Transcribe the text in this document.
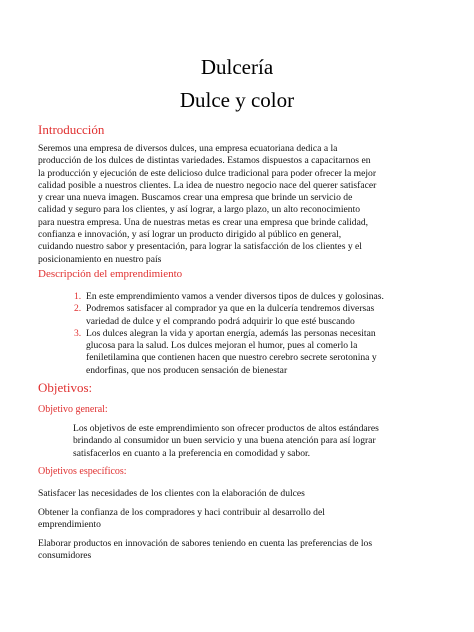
Dulcería
Dulce y color
Introducción
Seremos una empresa de diversos dulces, una empresa ecuatoriana dedica a la
producción de los dulces de distintas variedades. Estamos dispuestos a capacitarnos en
la producción y ejecución de este delicioso dulce tradicional para poder ofrecer la mejor
calidad posible a nuestros clientes. La idea de nuestro negocio nace del querer satisfacer
y crear una nueva imagen. Buscamos crear una empresa que brinde un servicio de
calidad y seguro para los clientes, y así lograr, a largo plazo, un alto reconocimiento
para nuestra empresa. Una de nuestras metas es crear una empresa que brinde calidad,
confianza e innovación, y así lograr un producto dirigido al público en general,
cuidando nuestro sabor y presentación, para lograr la satisfacción de los clientes y el
posicionamiento en nuestro país
Descripción del emprendimiento
1. En este emprendimiento vamos a vender diversos tipos de dulces y golosinas.
2. Podremos satisfacer al comprador ya que en la dulcería tendremos diversas
variedad de dulce y el comprando podrá adquirir lo que esté buscando
3. Los dulces alegran la vida y aportan energía, además las personas necesitan
glucosa para la salud. Los dulces mejoran el humor, pues al comerlo la
feniletilamina que contienen hacen que nuestro cerebro secrete serotonina y
endorfinas, que nos producen sensación de bienestar
Objetivos:
Objetivo general:
Los objetivos de este emprendimiento son ofrecer productos de altos estándares
brindando al consumidor un buen servicio y una buena atención para así lograr
satisfacerlos en cuanto a la preferencia en comodidad y sabor.
Objetivos específicos:
Satisfacer las necesidades de los clientes con la elaboración de dulces
Obtener la confianza de los compradores y haci contribuir al desarrollo del
emprendimiento
Elaborar productos en innovación de sabores teniendo en cuenta las preferencias de los
consumidores
